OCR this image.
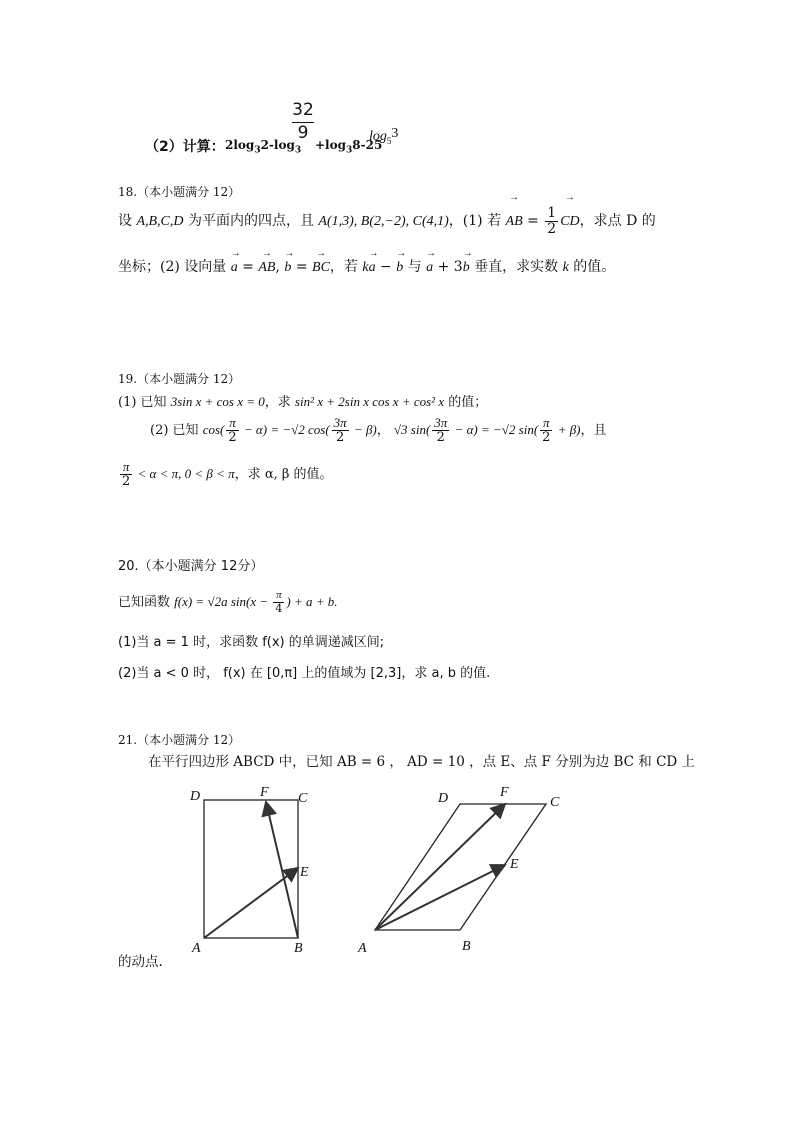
（2）计算： $2\log_32-\log_3$
$\frac{32}{9}$
$+\log_38-25$
$\log_53$
18.（本小题满分 12）
设 A,B,C,D 为平面内的四点，且 A(1,3), B(2,−2), C(4,1)，(1) 若 → AB = $\frac{1}{2}$
→ CD，求点 D 的
坐标；(2) 设向量 → a = → AB, → b = → BC，若 k→ a − → b 与 → a + 3→ b 垂直，求实数 k 的值。
19.（本小题满分 12）
(1) 已知 3sin x + cos x = 0，求 sin² x + 2sin x cos x + cos² x 的值；
(2) 已知 $\cos( \frac{\pi}{2} - \alpha) = -√2$ $\cos( \frac{3\pi}{2} - \beta)$， √3 $\sin( \frac{3\pi}{2} - \alpha) = -√2$ $\sin( \frac{\pi}{2} + \beta)$，且
$\frac{\pi}{2} < \alpha < \pi$, 0 < β < π，求 α, β 的值。
20.（本小题满分 12分）
已知函数 f(x) = √2a $\sin(x - \frac{\pi}{4}$ ) + a + b.
(1)当 a = 1 时，求函数 f(x) 的单调递减区间;
(2)当 a < 0 时， f(x) 在 [0,π] 上的值域为 [2,3]，求 a, b 的值.
21.（本小题满分 12）
在平行四边形 ABCD 中，已知 AB = 6 ， AD = 10 ，点 E、点 F 分别为边 BC 和 CD 上
的动点.
D	F C
E
A	B
D	F
C
E
A	B
